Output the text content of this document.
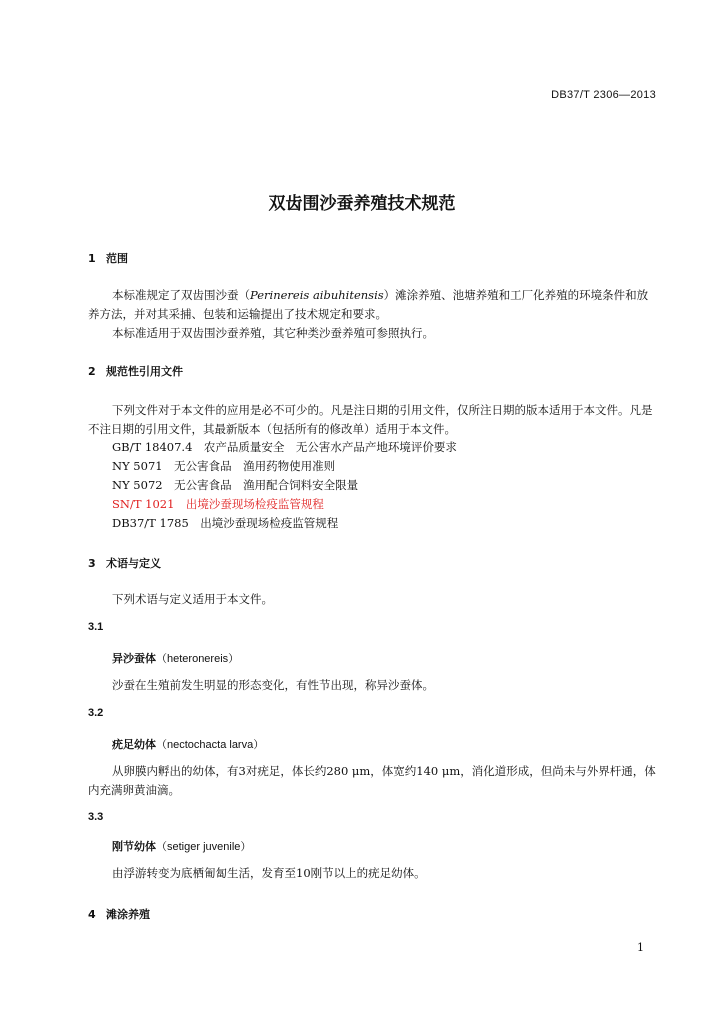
DB37/T 2306—2013
双齿围沙蚕养殖技术规范
1 范围
本标准规定了双齿围沙蚕（Perinereis aibuhitensis）滩涂养殖、池塘养殖和工厂化养殖的环境条件和放养方法，并对其采捕、包装和运输提出了技术规定和要求。
本标准适用于双齿围沙蚕养殖，其它种类沙蚕养殖可参照执行。
2 规范性引用文件
下列文件对于本文件的应用是必不可少的。凡是注日期的引用文件，仅所注日期的版本适用于本文件。凡是不注日期的引用文件，其最新版本（包括所有的修改单）适用于本文件。
GB/T 18407.4　农产品质量安全　无公害水产品产地环境评价要求
NY 5071　无公害食品　渔用药物使用准则
NY 5072　无公害食品　渔用配合饲料安全限量
SN/T 1021　出境沙蚕现场检疫监管规程
DB37/T 1785　出境沙蚕现场检疫监管规程
3 术语与定义
下列术语与定义适用于本文件。
3.1
异沙蚕体（heteronereis）
沙蚕在生殖前发生明显的形态变化，有性节出现，称异沙蚕体。
3.2
疣足幼体（nectochacta larva）
从卵膜内孵出的幼体，有3对疣足，体长约280 μm，体宽约140 μm，消化道形成，但尚未与外界杆通，体内充满卵黄油滴。
3.3
刚节幼体（setiger juvenile）
由浮游转变为底栖匍匐生活，发育至10刚节以上的疣足幼体。
4 滩涂养殖
1
